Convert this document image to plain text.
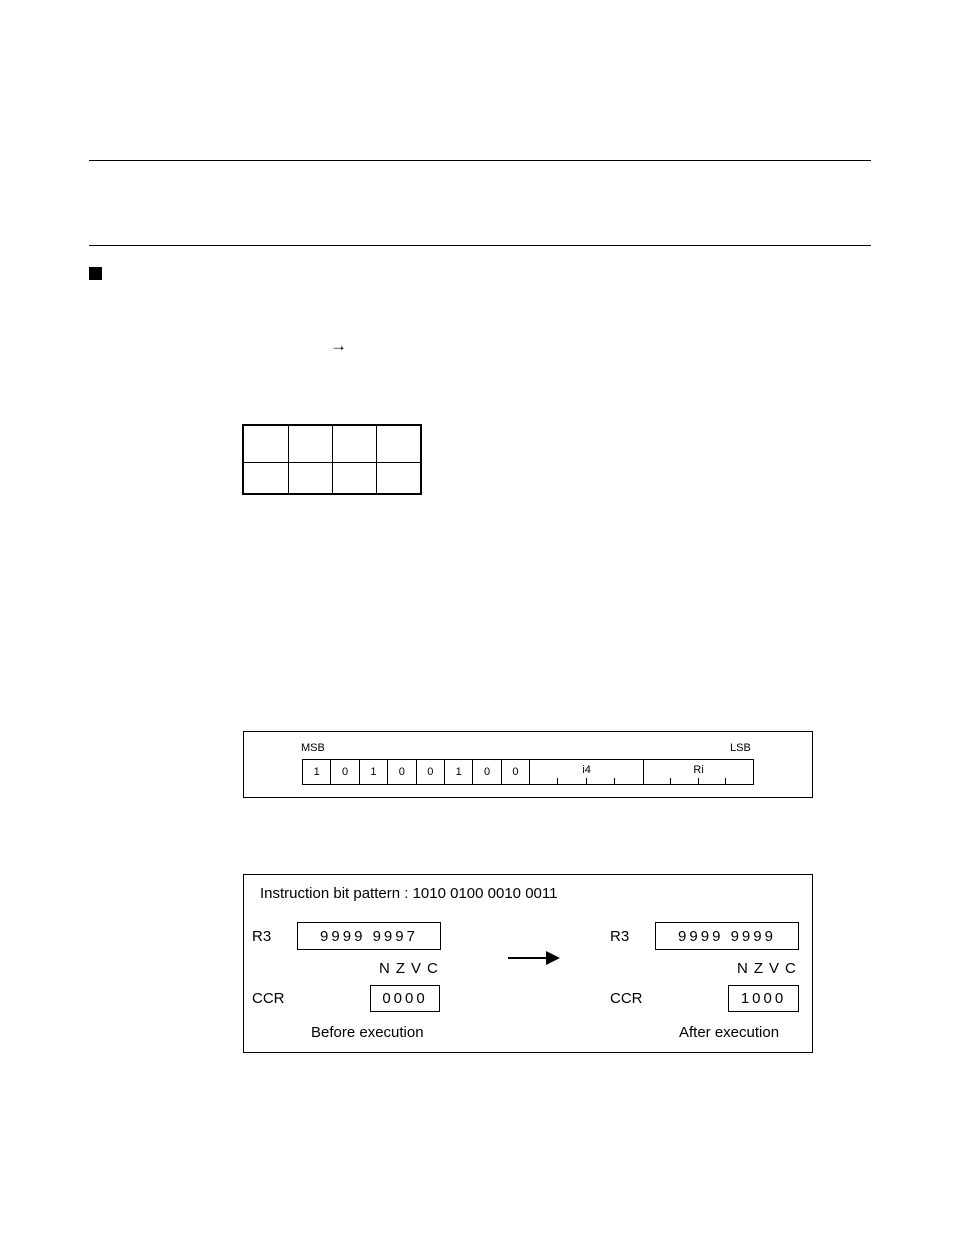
→

MSB	LSB
1	0	1	0	0	1	0	0	i4	Ri
Instruction bit pattern : 1010 0100 0010 0011
R3	9999 9997
NZVC
CCR	0000
Before execution
R3	9999 9999
NZVC
CCR	1000
After execution
